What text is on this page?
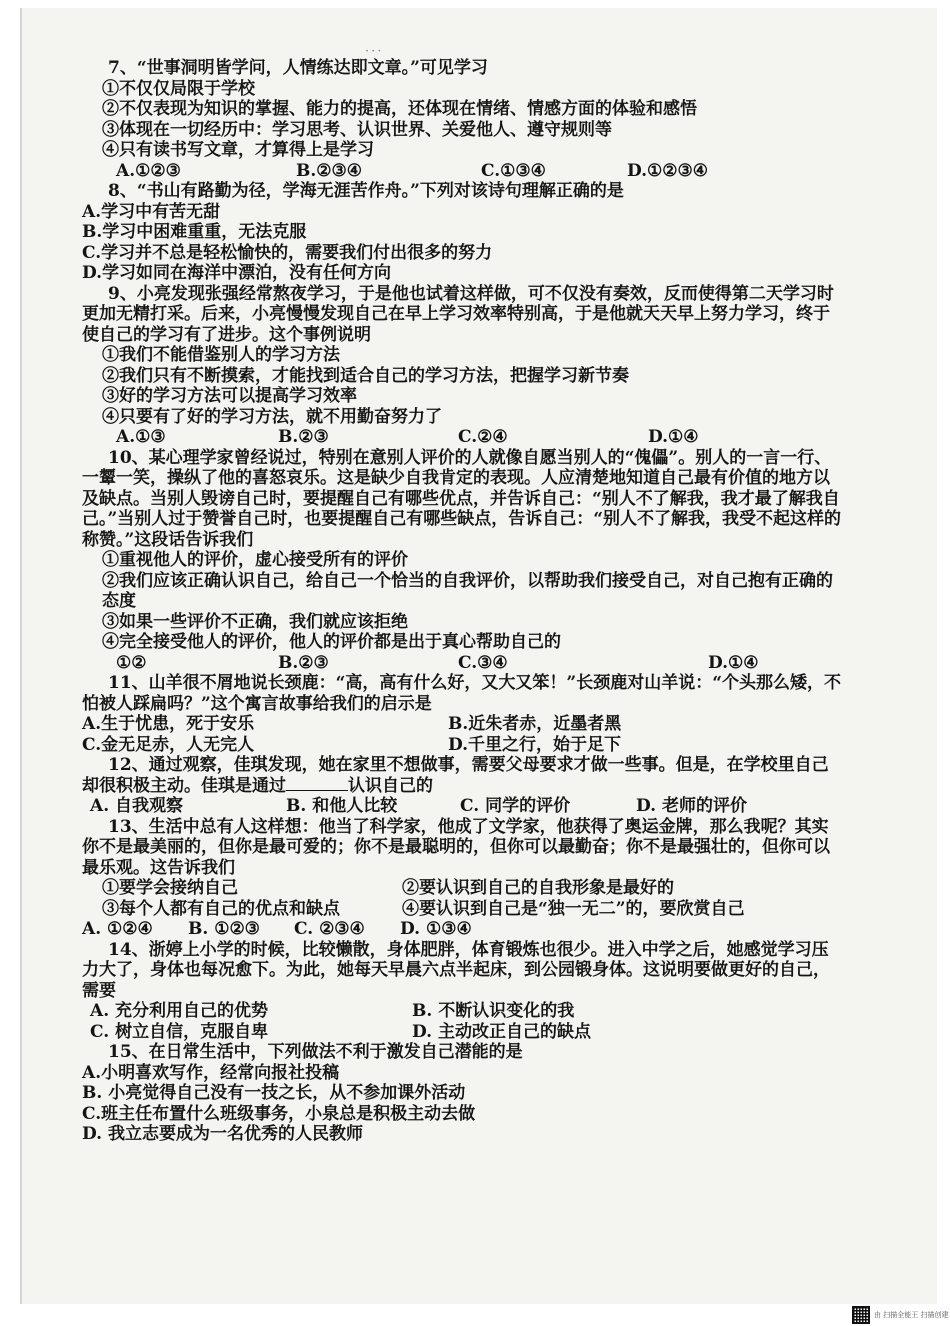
···

7、“世事洞明皆学问，人情练达即文章。”可见学习

①不仅仅局限于学校

②不仅表现为知识的掌握、能力的提高，还体现在情绪、情感方面的体验和感悟

③体现在一切经历中：学习思考、认识世界、关爱他人、遵守规则等

④只有读书写文章，才算得上是学习

A.①②③	B.②③④	C.①③④	D.①②③④

8、“书山有路勤为径，学海无涯苦作舟。”下列对该诗句理解正确的是

A.学习中有苦无甜

B.学习中困难重重，无法克服

C.学习并不总是轻松愉快的，需要我们付出很多的努力

D.学习如同在海洋中漂泊，没有任何方向

9、小亮发现张强经常熬夜学习，于是他也试着这样做，可不仅没有奏效，反而使得第二天学习时更加无精打采。后来，小亮慢慢发现自己在早上学习效率特别高，于是他就天天早上努力学习，终于使自己的学习有了进步。这个事例说明

①我们不能借鉴别人的学习方法

②我们只有不断摸索，才能找到适合自己的学习方法，把握学习新节奏

③好的学习方法可以提高学习效率

④只要有了好的学习方法，就不用勤奋努力了

A.①③	B.②③	C.②④	D.①④

10、某心理学家曾经说过，特别在意别人评价的人就像自愿当别人的“傀儡”。别人的一言一行、一颦一笑，操纵了他的喜怒哀乐。这是缺少自我肯定的表现。人应清楚地知道自己最有价值的地方以及缺点。当别人毁谤自己时，要提醒自己有哪些优点，并告诉自己：“别人不了解我，我才最了解我自己。”当别人过于赞誉自己时，也要提醒自己有哪些缺点，告诉自己：“别人不了解我，我受不起这样的称赞。”这段话告诉我们

①重视他人的评价，虚心接受所有的评价

②我们应该正确认识自己，给自己一个恰当的自我评价，以帮助我们接受自己，对自己抱有正确的态度

③如果一些评价不正确，我们就应该拒绝

④完全接受他人的评价，他人的评价都是出于真心帮助自己的

①②	B.②③	C.③④	D.①④

11、山羊很不屑地说长颈鹿：“高，高有什么好，又大又笨！”长颈鹿对山羊说：“个头那么矮，不怕被人踩扁吗？”这个寓言故事给我们的启示是

A.生于忧患，死于安乐	B.近朱者赤，近墨者黑
C.金无足赤，人无完人	D.千里之行，始于足下

12、通过观察，佳琪发现，她在家里不想做事，需要父母要求才做一些事。但是，在学校里自己却很积极主动。佳琪是通过	认识自己的

A. 自我观察	B. 和他人比较	C. 同学的评价	D. 老师的评价

13、生活中总有人这样想：他当了科学家，他成了文学家，他获得了奥运金牌，那么我呢？其实你不是最美丽的，但你是最可爱的；你不是最聪明的，但你可以最勤奋；你不是最强壮的，但你可以最乐观。这告诉我们

①要学会接纳自己	②要认识到自己的自我形象是最好的
③每个人都有自己的优点和缺点	④要认识到自己是“独一无二”的，要欣赏自己
A. ①②④	B. ①②③	C. ②③④	D. ①③④

14、浙婷上小学的时候，比较懒散，身体肥胖，体育锻炼也很少。进入中学之后，她感觉学习压力大了，身体也每况愈下。为此，她每天早晨六点半起床，到公园锻身体。这说明要做更好的自己，需要

A. 充分利用自己的优势	B. 不断认识变化的我
C. 树立自信，克服自卑	D. 主动改正自己的缺点

15、在日常生活中，下列做法不利于激发自己潜能的是

A.小明喜欢写作，经常向报社投稿

B. 小亮觉得自己没有一技之长，从不参加课外活动

C.班主任布置什么班级事务，小泉总是积极主动去做

D. 我立志要成为一名优秀的人民教师

由 扫描全能王 扫描创建
